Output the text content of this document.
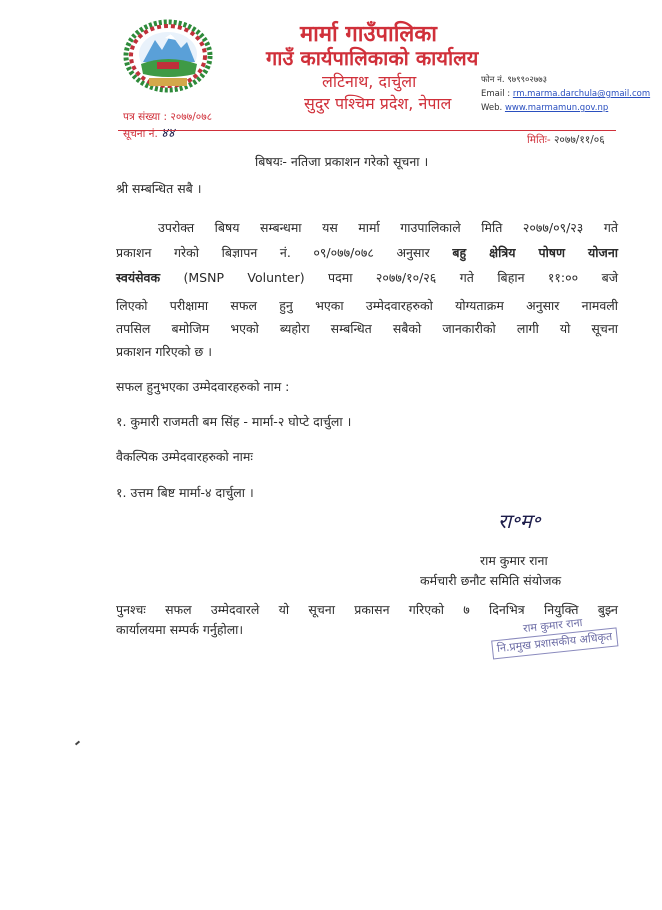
मार्मा गाउँपालिका
गाउँ कार्यपालिकाको कार्यालय
लटिनाथ, दार्चुला
सुदुर पश्चिम प्रदेश, नेपाल
फोन नं. ९७९९०२७७३
Email : rm.marma.darchula@gmail.com
Web. www.marmamun.gov.np
पत्र संख्या : २०७७/०७८
सूचना नं. ४४	मितिः- २०७७/११/०६
बिषयः- नतिजा प्रकाशन गरेको सूचना ।
श्री सम्बन्धित सबै ।
उपरोक्त बिषय सम्बन्धमा यस मार्मा गाउपालिकाले मिति २०७७/०९/२३ गते
प्रकाशन गरेको बिज्ञापन नं. ०९/०७७/०७८ अनुसार बहु क्षेत्रिय पोषण योजना
स्वयंसेवक (MSNP Volunter) पदमा २०७७/१०/२६ गते बिहान ११:०० बजे
लिएको परीक्षामा सफल हुनु भएका उम्मेदवारहरुको योग्यताक्रम अनुसार नामवली
तपसिल बमोजिम भएको ब्यहोरा सम्बन्धित सबैको जानकारीको लागी यो सूचना
प्रकाशन गरिएको छ ।
सफल हुनुभएका उम्मेदवारहरुको नाम :
१. कुमारी राजमती बम सिंह - मार्मा-२ घोप्टे दार्चुला ।
वैकल्पिक उम्मेदवारहरुको नामः
१. उत्तम बिष्ट मार्मा-४ दार्चुला ।
रा॰म॰
राम कुमार राना
कर्मचारी छनौट समिति संयोजक
पुनश्चः सफल उम्मेदवारले यो सूचना प्रकासन गरिएको ७ दिनभित्र नियुक्ति बुझ्न
कार्यालयमा सम्पर्क गर्नुहोला।	राम कुमार राना
नि.प्रमुख प्रशासकीय अधिकृत
